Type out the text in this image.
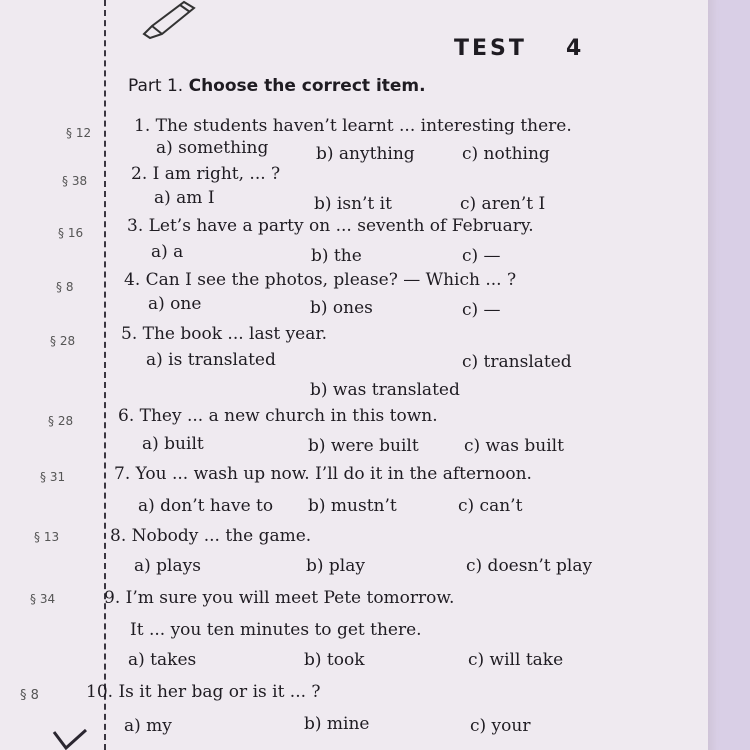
TEST 4
Part 1. Choose the correct item.
§ 12	1. The students haven’t learnt ... interesting there.
a) something	b) anything	c) nothing
§ 38	2. I am right, ... ?
a) am I	b) isn’t it	c) aren’t I
§ 16	3. Let’s have a party on ... seventh of February.
a) a	b) the	c) —
§ 8	4. Can I see the photos, please? — Which ... ?
a) one	b) ones	c) —
§ 28	5. The book ... last year.
a) is translated
b) was translated
c) translated
§ 28	6. They ... a new church in this town.
a) built	b) were built	c) was built
§ 31	7. You ... wash up now. I’ll do it in the afternoon.
a) don’t have to b) mustn’t	c) can’t
§ 13	8. Nobody ... the game.
a) plays	b) play	c) doesn’t play
§ 34	9. I’m sure you will meet Pete tomorrow.
It ... you ten minutes to get there.
a) takes	b) took	c) will take
§ 8	10. Is it her bag or is it ... ?
a) my	b) mine	c) your
